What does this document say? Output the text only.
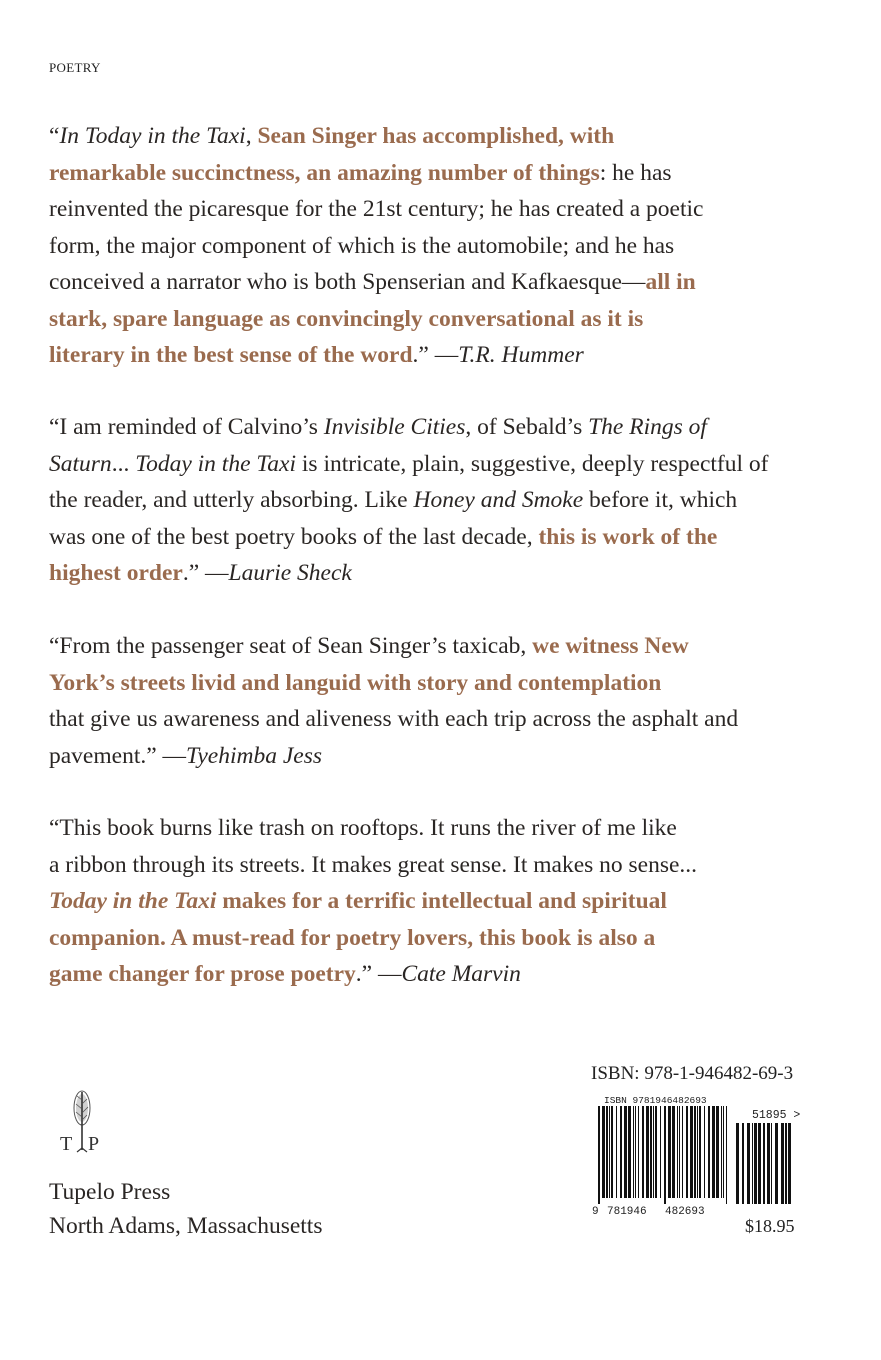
POETRY
“In Today in the Taxi, Sean Singer has accomplished, with
remarkable succinctness, an amazing number of things: he has
reinvented the picaresque for the 21st century; he has created a poetic
form, the major component of which is the automobile; and he has
conceived a narrator who is both Spenserian and Kafkaesque—all in
stark, spare language as convincingly conversational as it is
literary in the best sense of the word.” —T.R. Hummer
“I am reminded of Calvino’s Invisible Cities, of Sebald’s The Rings of
Saturn... Today in the Taxi is intricate, plain, suggestive, deeply respectful of
the reader, and utterly absorbing. Like Honey and Smoke before it, which
was one of the best poetry books of the last decade, this is work of the
highest order.” —Laurie Sheck
“From the passenger seat of Sean Singer’s taxicab, we witness New
York’s streets livid and languid with story and contemplation
that give us awareness and aliveness with each trip across the asphalt and
pavement.” —Tyehimba Jess
“This book burns like trash on rooftops. It runs the river of me like
a ribbon through its streets. It makes great sense. It makes no sense...
Today in the Taxi makes for a terrific intellectual and spiritual
companion. A must-read for poetry lovers, this book is also a
game changer for prose poetry.” —Cate Marvin
T P
Tupelo Press
North Adams, Massachusetts
ISBN: 978-1-946482-69-3
ISBN 9781946482693
51895 >
9 781946 482693
$18.95
